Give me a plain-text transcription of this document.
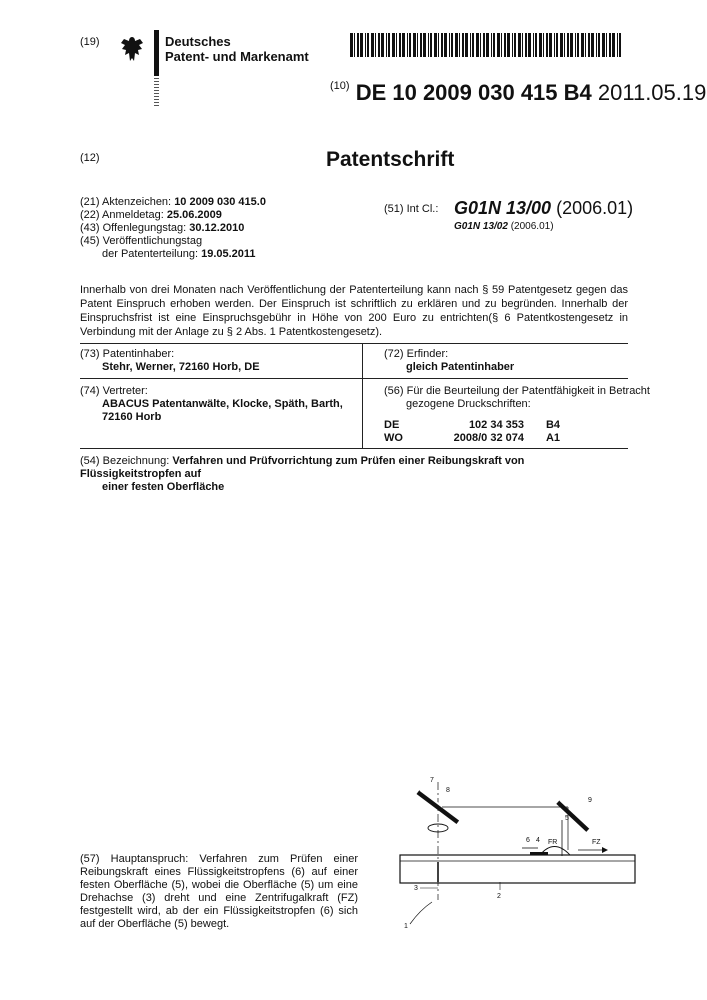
(19)	Deutsches
Patent- und Markenamt
$^{(10)}$ DE 10 2009 030 415 B4 2011.05.19
(12)	Patentschrift
(21) Aktenzeichen: 10 2009 030 415.0
(22) Anmeldetag: 25.06.2009
(43) Offenlegungstag: 30.12.2010
(45) Veröffentlichungstag
der Patenterteilung: 19.05.2011
(51) Int Cl.: G01N 13/00 (2006.01)
G01N 13/02 (2006.01)
Innerhalb von drei Monaten nach Veröffentlichung der Patenterteilung kann nach § 59 Patentgesetz gegen das Patent Einspruch erhoben werden. Der Einspruch ist schriftlich zu erklären und zu begründen. Innerhalb der Einspruchsfrist ist eine Einspruchsgebühr in Höhe von 200 Euro zu entrichten(§ 6 Patentkostengesetz in Verbindung mit der Anlage zu § 2 Abs. 1 Patentkostengesetz).
(73) Patentinhaber:
Stehr, Werner, 72160 Horb, DE
(72) Erfinder:
gleich Patentinhaber
(74) Vertreter:
ABACUS Patentanwälte, Klocke, Späth, Barth,
72160 Horb
(56) Für die Beurteilung der Patentfähigkeit in Betracht
gezogene Druckschriften:
DE	102 34 353	B4
WO	2008/0 32 074	A1
(54) Bezeichnung: Verfahren und Prüfvorrichtung zum Prüfen einer Reibungskraft von Flüssigkeitstropfen auf
einer festen Oberfläche
(57) Hauptanspruch: Verfahren zum Prüfen einer Reibungskraft eines Flüssigkeitstropfens (6) auf einer festen Oberfläche (5), wobei die Oberfläche (5) um eine Drehachse (3) dreht und eine Zentrifugalkraft (FZ) festgestellt wird, ab der ein Flüssigkeitstropfen (6) sich auf der Oberfläche (5) bewegt.
7
8
9
5
6 4 FR	FZ
3
2
1
